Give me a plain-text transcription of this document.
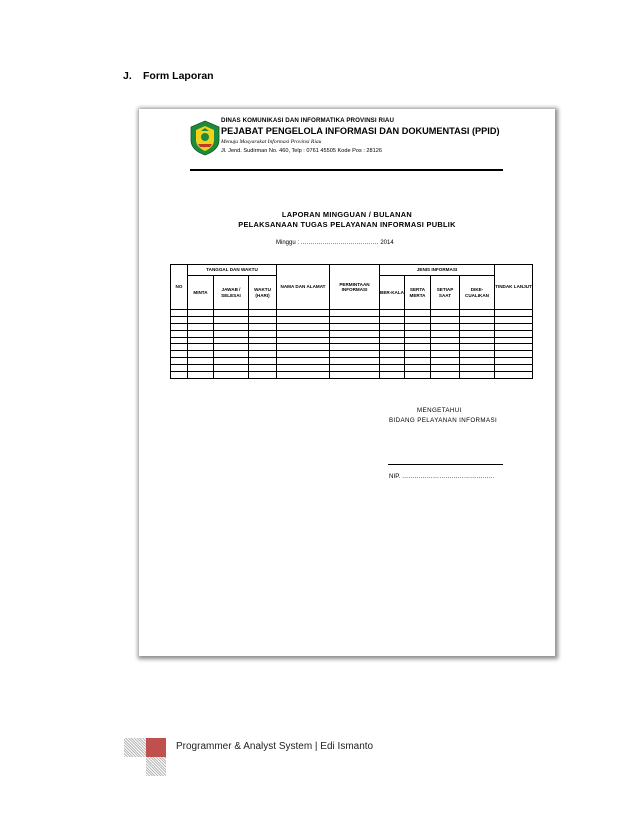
J. Form Laporan
DINAS KOMUNIKASI DAN INFORMATIKA PROVINSI RIAU
PEJABAT PENGELOLA INFORMASI DAN DOKUMENTASI (PPID)
Menuju Masyarakat Informasi Provinsi Riau
Jl. Jend. Sudirman No. 460, Telp : 0761 45505 Kode Pos : 28126
LAPORAN MINGGUAN / BULANAN
PELAKSANAAN TUGAS PELAYANAN INFORMASI PUBLIK
Minggu : ………………………………… 2014
NO	TANGGAL DAN WAKTU			NAMA DAN ALAMAT	PERMINTAAN INFORMASI	JENIS INFORMASI				TINDAK LANJUT
	MINTA	JAWAB / SELESAI	WAKTU (HARI)			BER-KALA	SERTA MERTA	SETIAP SAAT	DIKE-CUALIKAN	

MENGETAHUI
BIDANG PELAYANAN INFORMASI
NIP. ………………………………………
Programmer & Analyst System | Edi Ismanto
